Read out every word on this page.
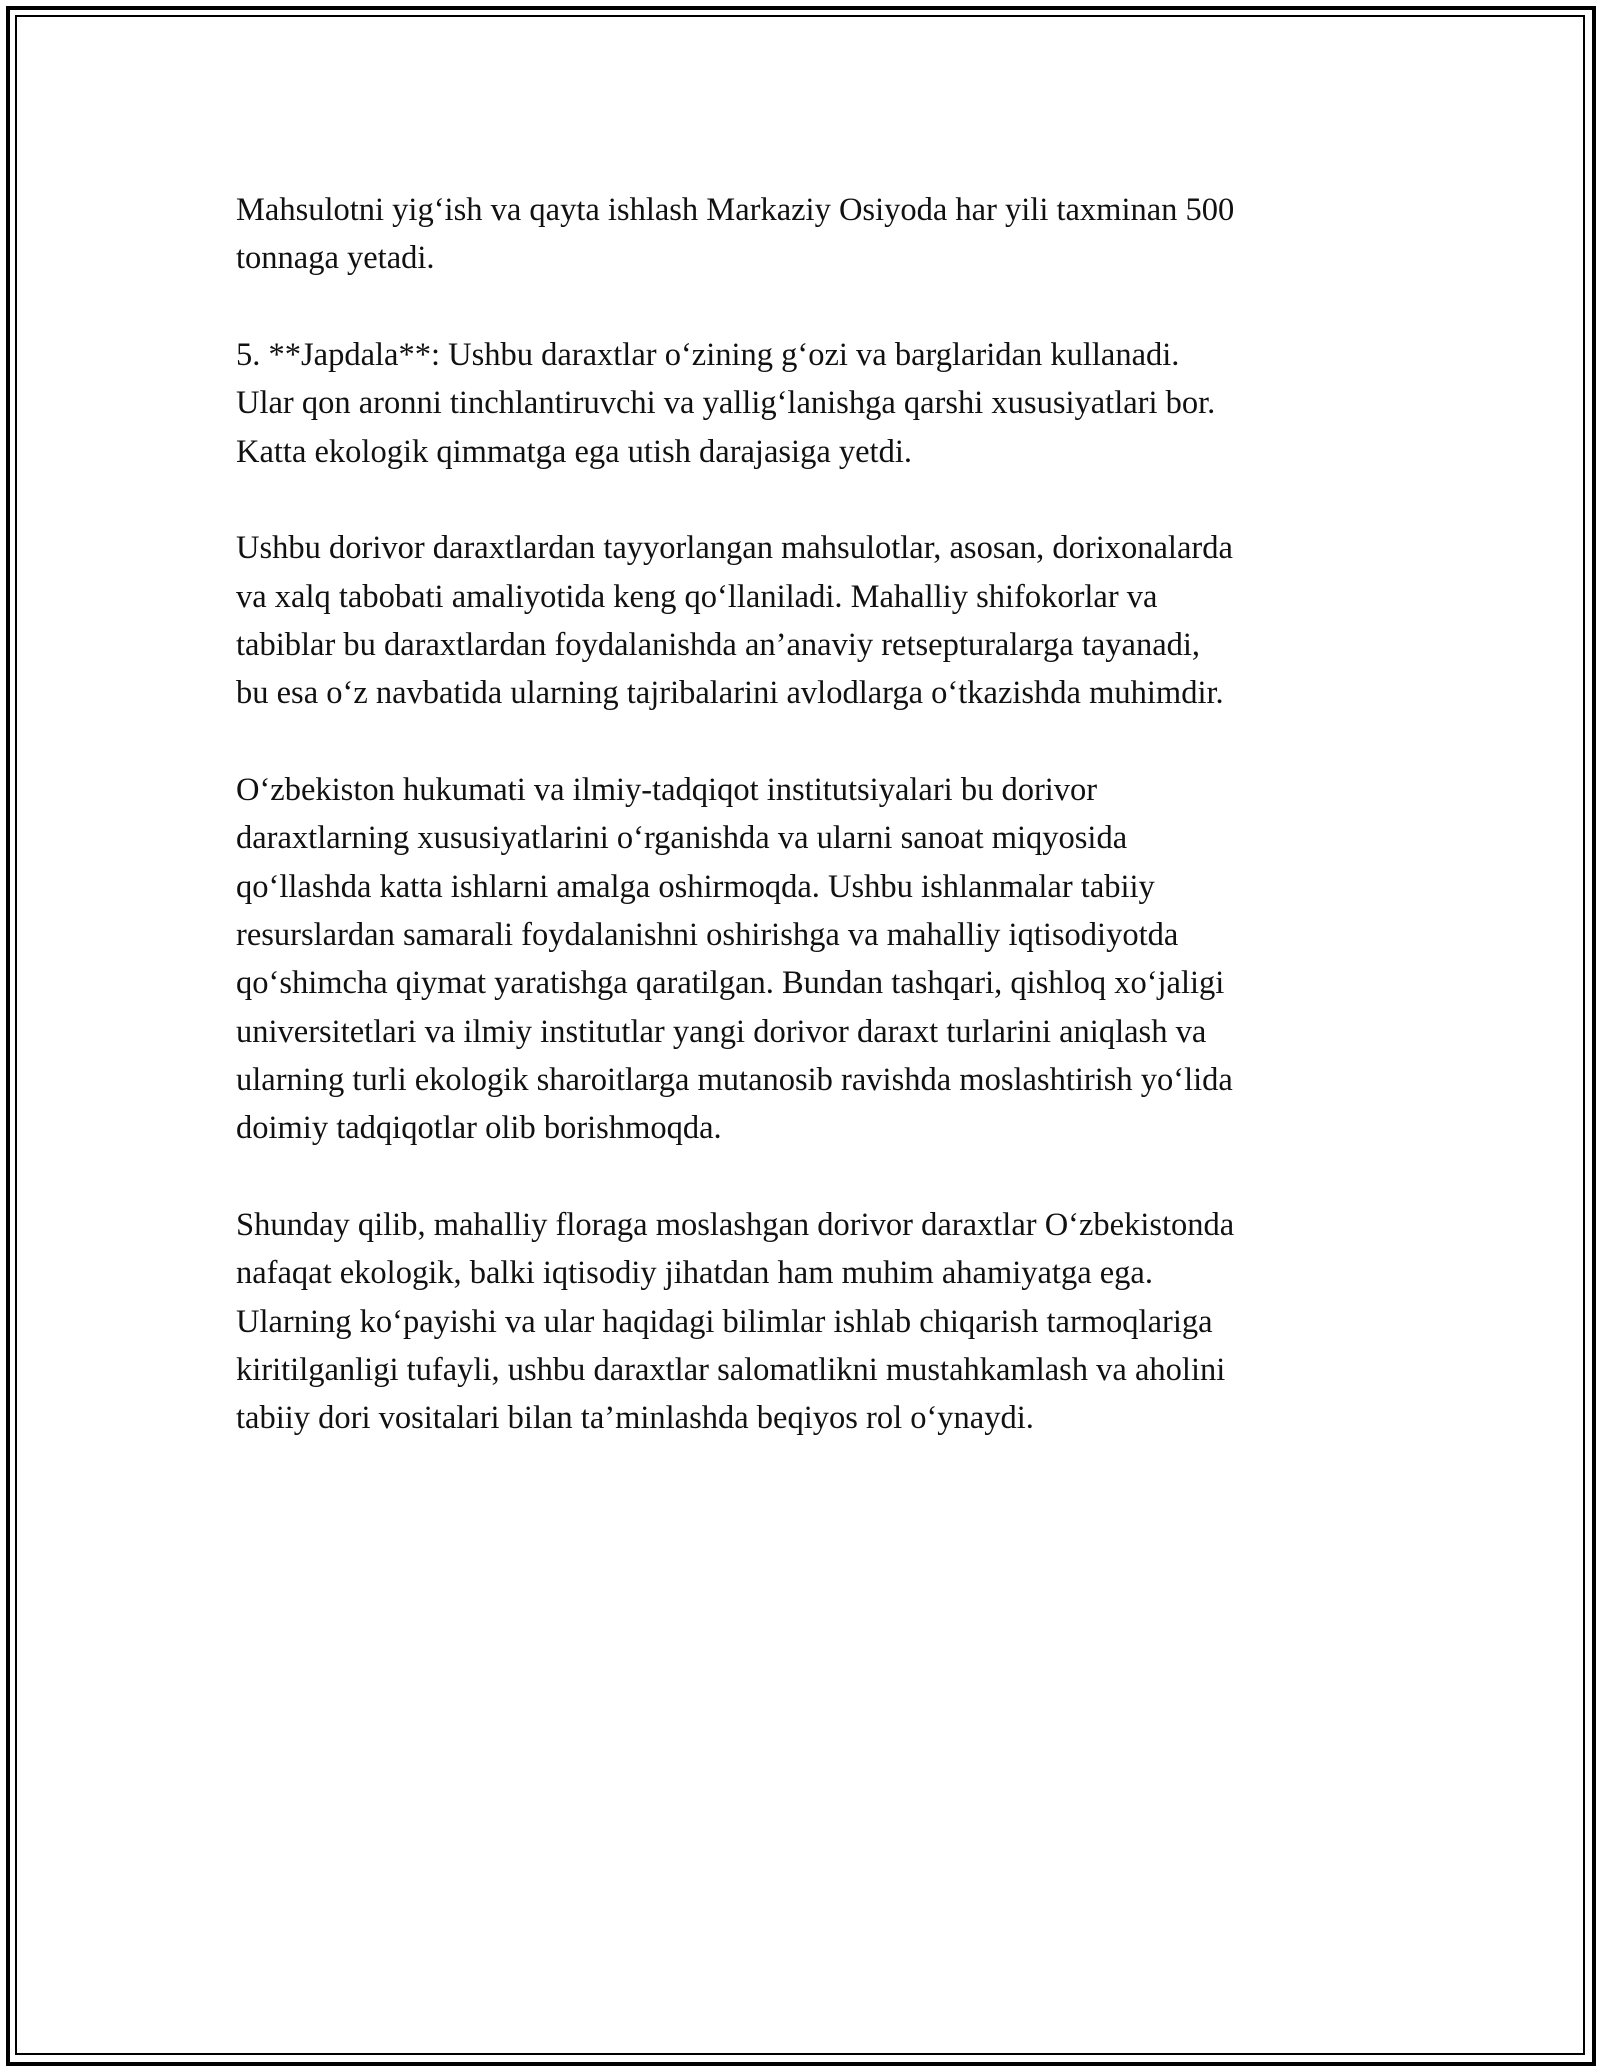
Mahsulotni yig‘ish va qayta ishlash Markaziy Osiyoda har yili taxminan 500
tonnaga yetadi.

5. **Japdala**: Ushbu daraxtlar o‘zining g‘ozi va barglaridan kullanadi.
Ular qon aronni tinchlantiruvchi va yallig‘lanishga qarshi xususiyatlari bor.
Katta ekologik qimmatga ega utish darajasiga yetdi.

Ushbu dorivor daraxtlardan tayyorlangan mahsulotlar, asosan, dorixonalarda
va xalq tabobati amaliyotida keng qo‘llaniladi. Mahalliy shifokorlar va
tabiblar bu daraxtlardan foydalanishda an’anaviy retsepturalarga tayanadi,
bu esa o‘z navbatida ularning tajribalarini avlodlarga o‘tkazishda muhimdir.

O‘zbekiston hukumati va ilmiy-tadqiqot institutsiyalari bu dorivor
daraxtlarning xususiyatlarini o‘rganishda va ularni sanoat miqyosida
qo‘llashda katta ishlarni amalga oshirmoqda. Ushbu ishlanmalar tabiiy
resurslardan samarali foydalanishni oshirishga va mahalliy iqtisodiyotda
qo‘shimcha qiymat yaratishga qaratilgan. Bundan tashqari, qishloq xo‘jaligi
universitetlari va ilmiy institutlar yangi dorivor daraxt turlarini aniqlash va
ularning turli ekologik sharoitlarga mutanosib ravishda moslashtirish yo‘lida
doimiy tadqiqotlar olib borishmoqda.

Shunday qilib, mahalliy floraga moslashgan dorivor daraxtlar O‘zbekistonda
nafaqat ekologik, balki iqtisodiy jihatdan ham muhim ahamiyatga ega.
Ularning ko‘payishi va ular haqidagi bilimlar ishlab chiqarish tarmoqlariga
kiritilganligi tufayli, ushbu daraxtlar salomatlikni mustahkamlash va aholini
tabiiy dori vositalari bilan ta’minlashda beqiyos rol o‘ynaydi.
